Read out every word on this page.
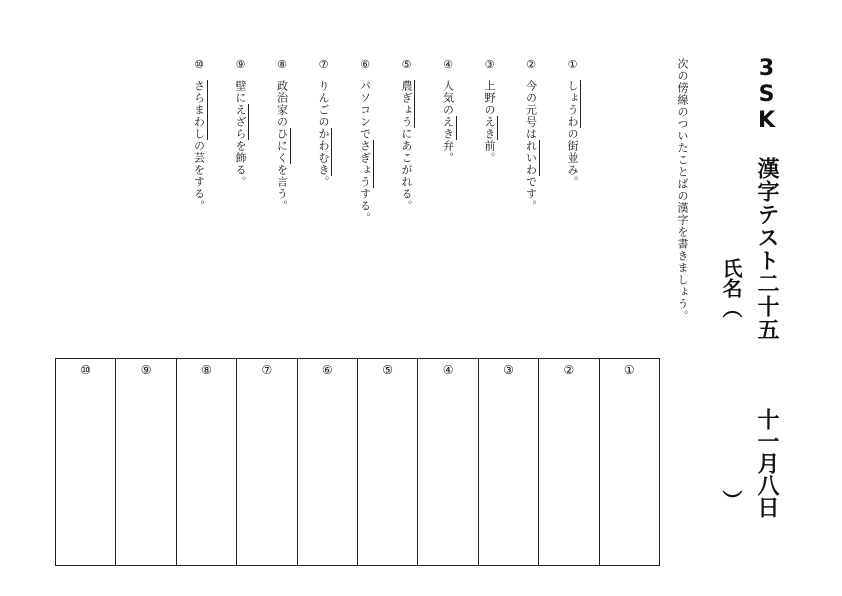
3SK　漢字テスト二十五
十一月八日
氏名（
）
次の傍線のついたことばの漢字を書きましょう。
①しょうわの街並み。
②今の元号はれいわです。
③上野のえき前。
④人気のえき弁。
⑤農ぎょうにあこがれる。
⑥パソコンでさぎょうする。
⑦りんごのかわむき。
⑧政治家のひにくを言う。
⑨壁にえざらを飾る。
⑩さらまわしの芸をする。
①
②
③
④
⑤
⑥
⑦
⑧
⑨
⑩
